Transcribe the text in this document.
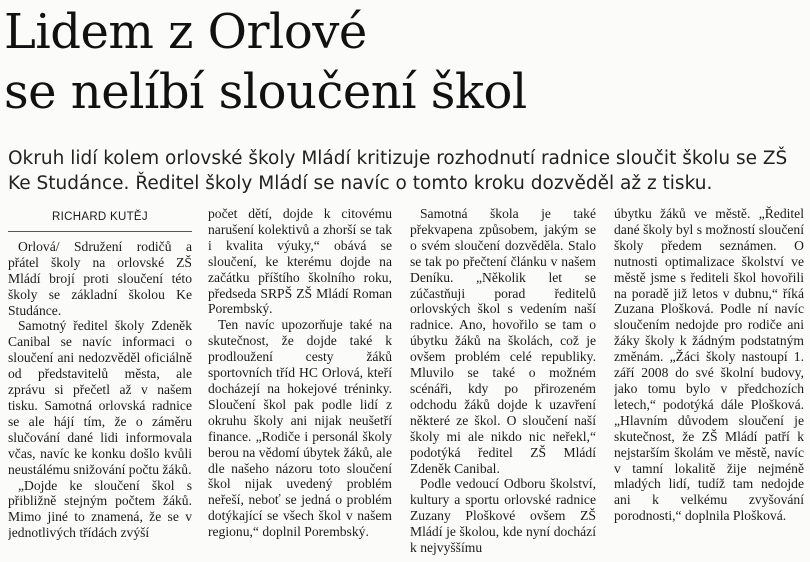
Lidem z Orlové
se nelíbí sloučení škol

Okruh lidí kolem orlovské školy Mládí kritizuje rozhodnutí radnice sloučit školu se ZŠ Ke Studánce. Ředitel školy Mládí se navíc o tomto kroku dozvěděl až z tisku.

RICHARD KUTĚJ

Orlová/ Sdružení rodičů a přátel školy na orlovské ZŠ Mládí brojí proti sloučení této školy se základní školou Ke Studánce.

Samotný ředitel školy Zdeněk Canibal se navíc informaci o sloučení ani nedozvěděl oficiálně od představitelů města, ale zprávu si přečetl až v našem tisku. Samotná orlovská radnice se ale hájí tím, že o záměru slučování dané lidi informovala včas, navíc ke konku došlo kvůli neustálému snižování počtu žáků.

„Dojde ke sloučení škol s přibližně stejným počtem žáků. Mimo jiné to znamená, že se v jednotlivých třídách zvýší

počet dětí, dojde k citovému narušení kolektivů a zhorší se tak i kvalita výuky,“ obává se sloučení, ke kterému dojde na začátku příštího školního roku, předseda SRPŠ ZŠ Mládí Roman Porembský.

Ten navíc upozorňuje také na skutečnost, že dojde také k prodloužení cesty žáků sportovních tříd HC Orlová, kteří docházejí na hokejové tréninky. Sloučení škol pak podle lidí z okruhu školy ani nijak neušetří finance. „Rodiče i personál školy berou na vědomí úbytek žáků, ale dle našeho názoru toto sloučení škol nijak uvedený problém neřeší, neboť se jedná o problém dotýkající se všech škol v našem regionu,“ doplnil Porembský.

Samotná škola je také překvapena způsobem, jakým se o svém sloučení dozvěděla. Stalo se tak po přečtení článku v našem Deníku. „Několik let se zúčastňuji porad ředitelů orlovských škol s vedením naší radnice. Ano, hovořilo se tam o úbytku žáků na školách, což je ovšem problém celé republiky. Mluvilo se také o možném scénáři, kdy po přirozeném odchodu žáků dojde k uzavření některé ze škol. O sloučení naší školy mi ale nikdo nic neřekl,“ podotýká ředitel ZŠ Mládí Zdeněk Canibal.

Podle vedoucí Odboru školství, kultury a sportu orlovské radnice Zuzany Ploškové ovšem ZŠ Mládí je školou, kde nyní dochází k nejvyššímu

úbytku žáků ve městě. „Ředitel dané školy byl s možností sloučení školy předem seznámen. O nutnosti optimalizace školství ve městě jsme s řediteli škol hovořili na poradě již letos v dubnu,“ říká Zuzana Plošková. Podle ní navíc sloučením nedojde pro rodiče ani žáky školy k žádným podstatným změnám. „Žáci školy nastoupí 1. září 2008 do své školní budovy, jako tomu bylo v předchozích letech,“ podotýká dále Plošková. „Hlavním důvodem sloučení je skutečnost, že ZŠ Mládí patří k nejstarším školám ve městě, navíc v tamní lokalitě žije nejméně mladých lidí, tudíž tam nedojde ani k velkému zvyšování porodnosti,“ doplnila Plošková.
